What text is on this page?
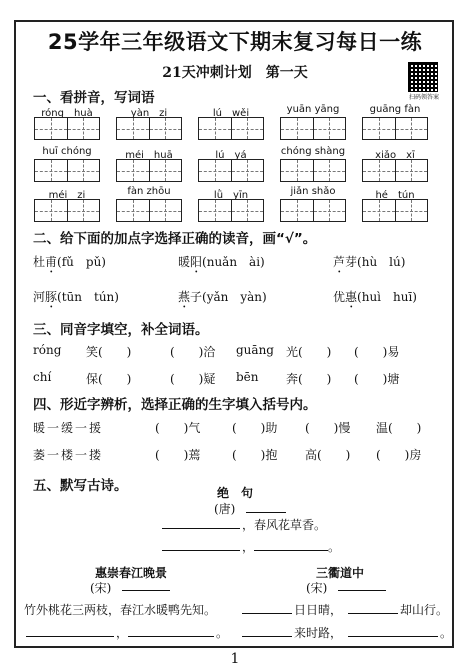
25学年三年级语文下期末复习每日一练
21天冲刺计划　第一天
扫码领答案
一、看拼音，写词语
róng　huà	yàn　zi	lú　wěi	yuān yāng	guāng fàn
huī chóng	méi　huā	lú　yá	chóng shàng	xiǎo　xī
méi　zi	fàn zhōu	lǜ　yīn	jiǎn shǎo	hé　tún
二、给下面的加点字选择正确的读音，画“√”。
杜甫(fǔ　pǔ)	暖阳(nuǎn　ài)	芦芽(hù　lú)
河豚(tūn　tún)	燕子(yǎn　yàn)	优惠(huì　huī)
三、同音字填空，补全词语。
róng 笑(　　)	(　　)洽 guāng 光(　　) (　　)易
chí	保(　　)	(　　)疑 bēn 奔(　　) (　　)塘
四、形近字辨析，选择正确的生字填入括号内。
暖一缓一援	(　　)气	(　　)助 (　　)慢 温(　　)
萎一楼一搂	(　　)蔫	(　　)抱 高(　　) (　　)房
五、默写古诗。	绝　句
(唐)
，春风花草香。
，	。
惠崇春江晚景
(宋)
竹外桃花三两枝，春江水暖鸭先知。
，	。
三衢道中
(宋)
日日晴，	却山行。
来时路，	。
1
